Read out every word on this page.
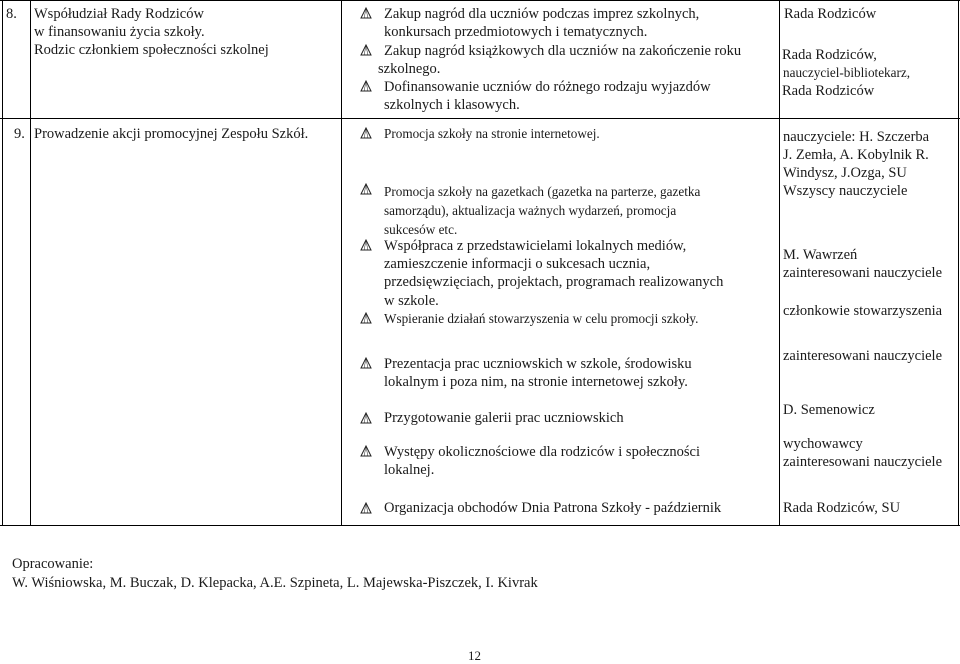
8. Współudział Rady Rodziców
w finansowaniu życia szkoły.
Rodzic członkiem społeczności szkolnej
Zakup nagród dla uczniów podczas imprez szkolnych,
konkursach przedmiotowych i tematycznych.
Zakup nagród książkowych dla uczniów na zakończenie roku
szkolnego.
Dofinansowanie uczniów do różnego rodzaju wyjazdów
szkolnych i klasowych.
Rada Rodziców
Rada Rodziców,
nauczyciel-bibliotekarz,
Rada Rodziców
9. Prowadzenie akcji promocyjnej Zespołu Szkół.	Promocja szkoły na stronie internetowej.
Promocja szkoły na gazetkach (gazetka na parterze, gazetka
samorządu), aktualizacja ważnych wydarzeń, promocja
sukcesów etc.
Współpraca z przedstawicielami lokalnych mediów,
zamieszczenie informacji o sukcesach ucznia,
przedsięwzięciach, projektach, programach realizowanych
w szkole.
Wspieranie działań stowarzyszenia w celu promocji szkoły.
Prezentacja prac uczniowskich w szkole, środowisku
lokalnym i poza nim, na stronie internetowej szkoły.
Przygotowanie galerii prac uczniowskich
Występy okolicznościowe dla rodziców i społeczności
lokalnej.
Organizacja obchodów Dnia Patrona Szkoły - październik
nauczyciele: H. Szczerba
J. Zemła, A. Kobylnik R.
Windysz, J.Ozga, SU
Wszyscy nauczyciele
M. Wawrzeń
zainteresowani nauczyciele
członkowie stowarzyszenia
zainteresowani nauczyciele
D. Semenowicz
wychowawcy
zainteresowani nauczyciele
Rada Rodziców, SU
Opracowanie:
W. Wiśniowska, M. Buczak, D. Klepacka, A.E. Szpineta, L. Majewska-Piszczek, I. Kivrak
12
